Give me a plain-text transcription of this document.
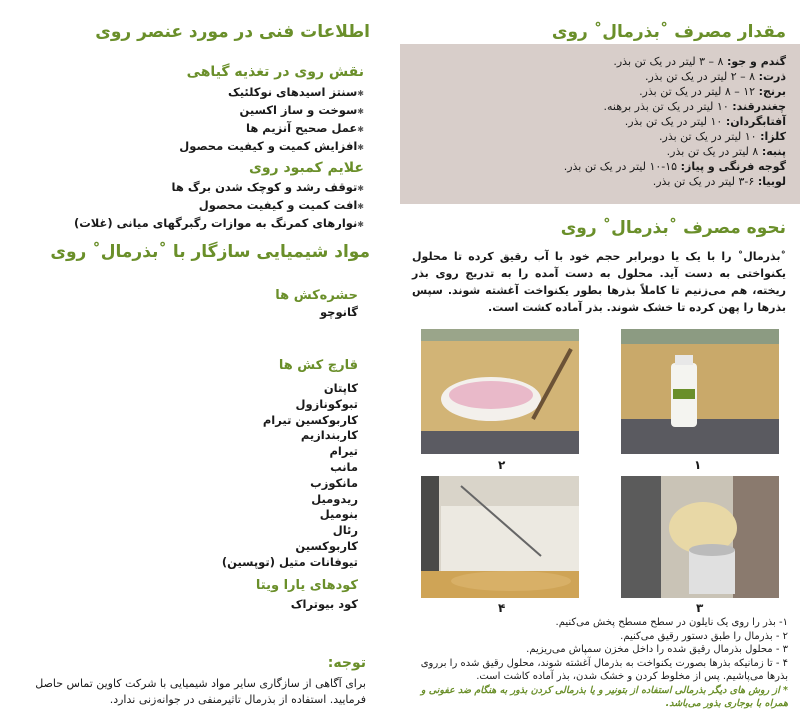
اطلاعات فنی در مورد عنصر روی
نقش روی در تغذیه گیاهی
✱ سنتز اسیدهای نوکلئیک
✱ سوخت و ساز اکسین
✱ عمل صحیح آنزیم ها
✱ افزایش کمیت و کیفیت محصول
علایم کمبود روی
✱ توقف رشد و کوچک شدن برگ ها
✱ افت کمیت و کیفیت محصول
✱ نوارهای کمرنگ به موازات رگبرگهای میانی (غلات)
مواد شیمیایی سازگار با ˚بذرمال˚ روی
حشره‌کش ها
گانوچو
قارچ کش ها
کاپتان
تبوکونازول
کاربوکسین تیرام
کاربندازیم
تیرام
مانب
مانکوزب
ریدومیل
بنومیل
رئال
کاربوکسین
تیوفانات متیل (توپسین)
کودهای یارا ویتا
کود بیوتراک
توجه:
برای آگاهی از سازگاری سایر مواد شیمیایی با شرکت کاوین تماس حاصل فرمایید. استفاده از بذرمال تاثیرمنفی در جوانه‌زنی ندارد.
مقدار مصرف ˚بذرمال˚ روی
گندم و جو: ۸ – ۳ لیتر در یک تن بذر.
ذرت: ۸ – ۲ لیتر در یک تن بذر.
برنج: ۱۲ – ۸ لیتر در یک تن بذر.
چغندرقند: ۱۰ لیتر در یک تن بذر برهنه.
آفتابگردان: ۱۰ لیتر در یک تن بذر.
کلزا: ۱۰ لیتر در یک تن بذر.
پنبه: ۸ لیتر در یک تن بذر.
گوجه فرنگی و پیاز: ۱۵-۱۰ لیتر در یک تن بذر.
لوبیا: ۶-۳ لیتر در یک تن بذر.
نحوه مصرف ˚بذرمال˚ روی
˚بذرمال˚ را با یک یا دوبرابر حجم خود با آب رقیق کرده تا محلول یکنواختی به دست آید. محلول به دست آمده را به تدریج روی بذر ریخته، هم می‌زنیم تا کاملاً بذرها بطور یکنواخت آغشته شوند. سپس بذرها را پهن کرده تا خشک شوند. بذر آماده کشت است.
۱
۲
۳
۴
۱- بذر را روی یک نایلون در سطح مسطح پخش می‌کنیم.
۲ - بذرمال را طبق دستور رقیق می‌کنیم.
۳ - محلول بذرمال رقیق شده را داخل مخزن سمپاش می‌ریزیم.
۴ - تا زمانیکه بذرها بصورت یکنواخت به بذرمال آغشته شوند، محلول رقیق شده را برروی بذرها می‌پاشیم. پس از مخلوط کردن و خشک شدن، بذر آماده کاشت است.
* از روش های دیگر بذرمالی استفاده از بتونیر و یا بذرمالی کردن بذور به هنگام ضد عفونی و همراه با بوجاری بذور می‌باشد.
